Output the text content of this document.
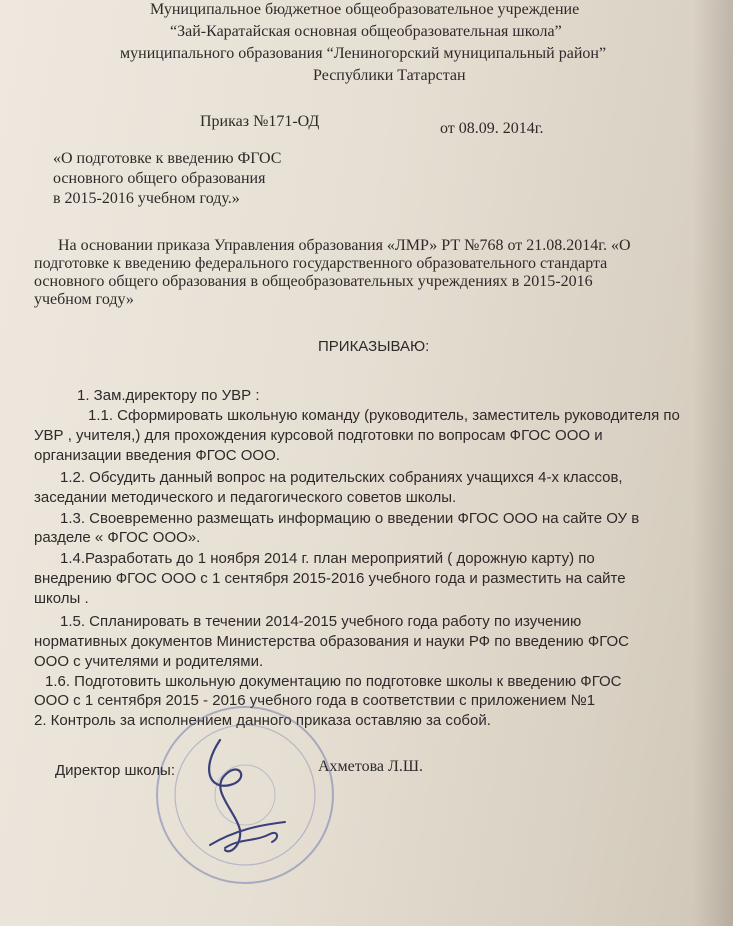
Муниципальное бюджетное общеобразовательное учреждение
“Зай-Каратайская основная общеобразовательная школа”
муниципального образования “Лениногорский муниципальный район”
Республики Татарстан
Приказ №171-ОД	от 08.09. 2014г.
«О подготовке к введению ФГОС
основного общего образования
в 2015-2016 учебном году.»
На основании приказа Управления образования «ЛМР» РТ №768 от 21.08.2014г. «О
подготовке к введению федерального государственного образовательного стандарта
основного общего образования в общеобразовательных учреждениях в 2015-2016
учебном году»
ПРИКАЗЫВАЮ:
1. Зам.директору по УВР :
1.1. Сформировать школьную команду (руководитель, заместитель руководителя по
УВР , учителя,) для прохождения курсовой подготовки по вопросам ФГОС ООО и
организации введения ФГОС ООО.
1.2. Обсудить данный вопрос на родительских собраниях учащихся 4-х классов,
заседании методического и педагогического советов школы.
1.3. Своевременно размещать информацию о введении ФГОС ООО на сайте ОУ в
разделе « ФГОС ООО».
1.4.Разработать до 1 ноября 2014 г. план мероприятий ( дорожную карту) по
внедрению ФГОС ООО с 1 сентября 2015-2016 учебного года и разместить на сайте
школы .
1.5. Спланировать в течении 2014-2015 учебного года работу по изучению
нормативных документов Министерства образования и науки РФ по введению ФГОС
ООО с учителями и родителями.
1.6. Подготовить школьную документацию по подготовке школы к введению ФГОС
ООО с 1 сентября 2015 - 2016 учебного года в соответствии с приложением №1
2. Контроль за исполнением данного приказа оставляю за собой.
Директор школы:	Ахметова Л.Ш.
